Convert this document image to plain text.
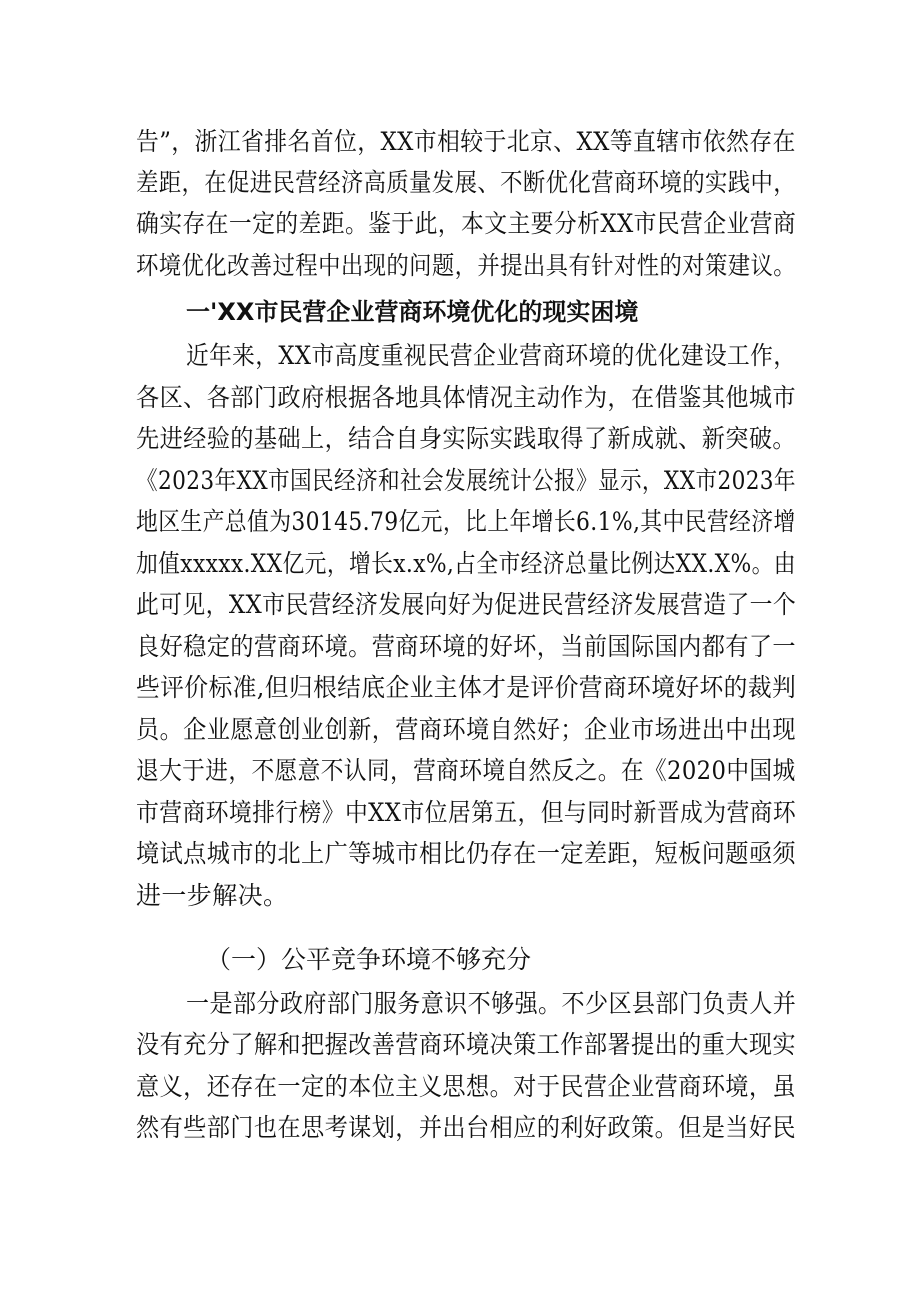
告”，浙江省排名首位，XX市相较于北京、XX等直辖市依然存在
差距，在促进民营经济高质量发展、不断优化营商环境的实践中，
确实存在一定的差距。鉴于此，本文主要分析XX市民营企业营商
环境优化改善过程中出现的问题，并提出具有针对性的对策建议。
一'XX市民营企业营商环境优化的现实困境
近年来，XX市高度重视民营企业营商环境的优化建设工作，
各区、各部门政府根据各地具体情况主动作为，在借鉴其他城市
先进经验的基础上，结合自身实际实践取得了新成就、新突破。
《2023年XX市国民经济和社会发展统计公报》显示，XX市2023年
地区生产总值为30145.79亿元，比上年增长6.1%,其中民营经济增
加值xxxxx.XX亿元，增长x.x%,占全市经济总量比例达XX.X%。由
此可见，XX市民营经济发展向好为促进民营经济发展营造了一个
良好稳定的营商环境。营商环境的好坏，当前国际国内都有了一
些评价标准,但归根结底企业主体才是评价营商环境好坏的裁判
员。企业愿意创业创新，营商环境自然好；企业市场进出中出现
退大于进，不愿意不认同，营商环境自然反之。在《2020中国城
市营商环境排行榜》中XX市位居第五，但与同时新晋成为营商环
境试点城市的北上广等城市相比仍存在一定差距，短板问题亟须
进一步解决。
（一）公平竞争环境不够充分
一是部分政府部门服务意识不够强。不少区县部门负责人并
没有充分了解和把握改善营商环境决策工作部署提出的重大现实
意义，还存在一定的本位主义思想。对于民营企业营商环境，虽
然有些部门也在思考谋划，并出台相应的利好政策。但是当好民
